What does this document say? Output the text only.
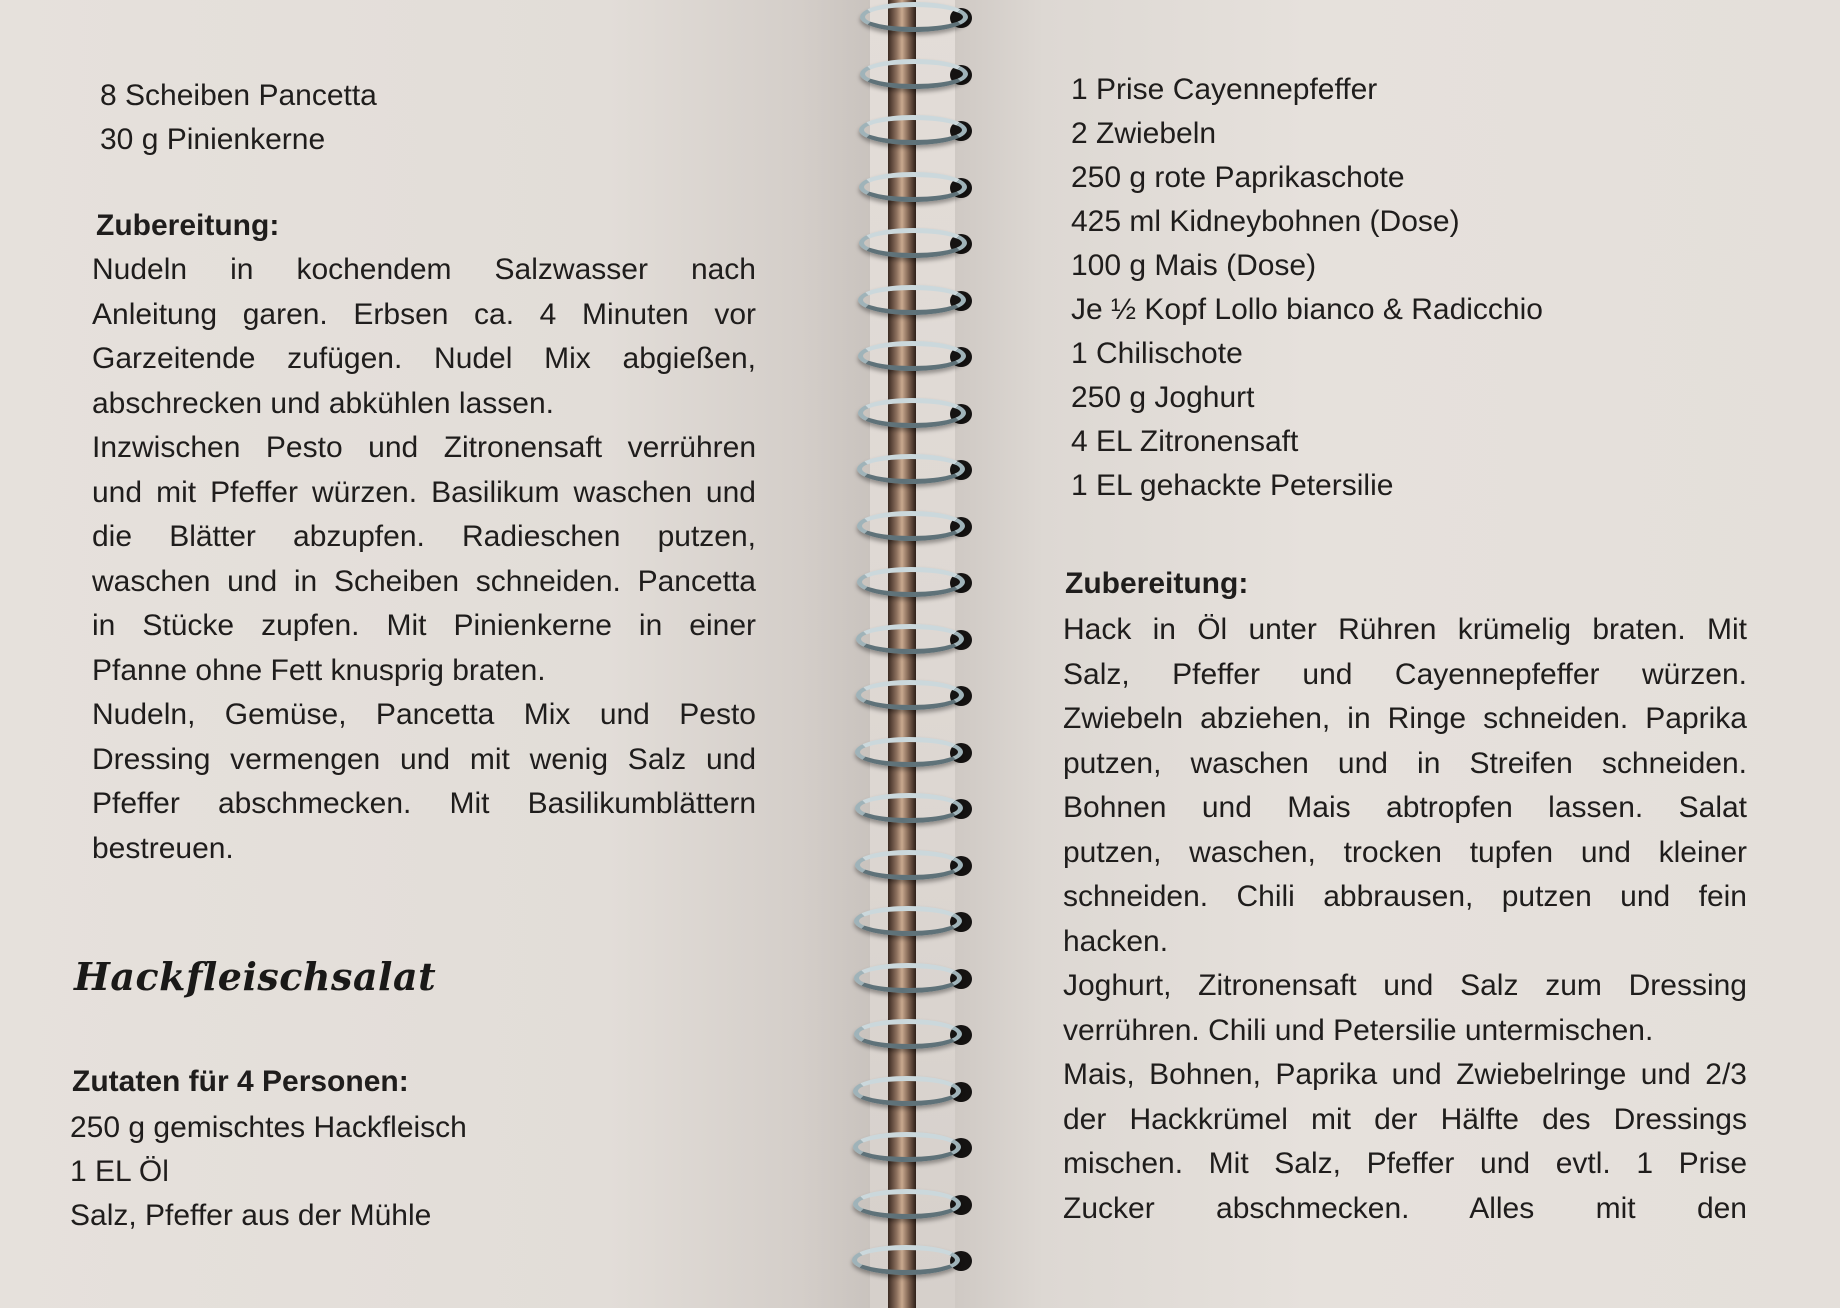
8 Scheiben Pancetta
30 g Pinienkerne
Zubereitung:
Nudeln in kochendem Salzwasser nach
Anleitung garen. Erbsen ca. 4 Minuten vor
Garzeitende zufügen. Nudel Mix abgießen,
abschrecken und abkühlen lassen.
Inzwischen Pesto und Zitronensaft verrühren
und mit Pfeffer würzen. Basilikum waschen und
die Blätter abzupfen. Radieschen putzen,
waschen und in Scheiben schneiden. Pancetta
in Stücke zupfen. Mit Pinienkerne in einer
Pfanne ohne Fett knusprig braten.
Nudeln, Gemüse, Pancetta Mix und Pesto
Dressing vermengen und mit wenig Salz und
Pfeffer abschmecken. Mit Basilikumblättern
bestreuen.
Hackfleischsalat
Zutaten für 4 Personen:
250 g gemischtes Hackfleisch
1 EL Öl
Salz, Pfeffer aus der Mühle
1 Prise Cayennepfeffer
2 Zwiebeln
250 g rote Paprikaschote
425 ml Kidneybohnen (Dose)
100 g Mais (Dose)
Je ½ Kopf Lollo bianco & Radicchio
1 Chilischote
250 g Joghurt
4 EL Zitronensaft
1 EL gehackte Petersilie
Zubereitung:
Hack in Öl unter Rühren krümelig braten. Mit
Salz, Pfeffer und Cayennepfeffer würzen.
Zwiebeln abziehen, in Ringe schneiden. Paprika
putzen, waschen und in Streifen schneiden.
Bohnen und Mais abtropfen lassen. Salat
putzen, waschen, trocken tupfen und kleiner
schneiden. Chili abbrausen, putzen und fein
hacken.
Joghurt, Zitronensaft und Salz zum Dressing
verrühren. Chili und Petersilie untermischen.
Mais, Bohnen, Paprika und Zwiebelringe und 2/3
der Hackkrümel mit der Hälfte des Dressings
mischen. Mit Salz, Pfeffer und evtl. 1 Prise
Zucker abschmecken. Alles mit den
